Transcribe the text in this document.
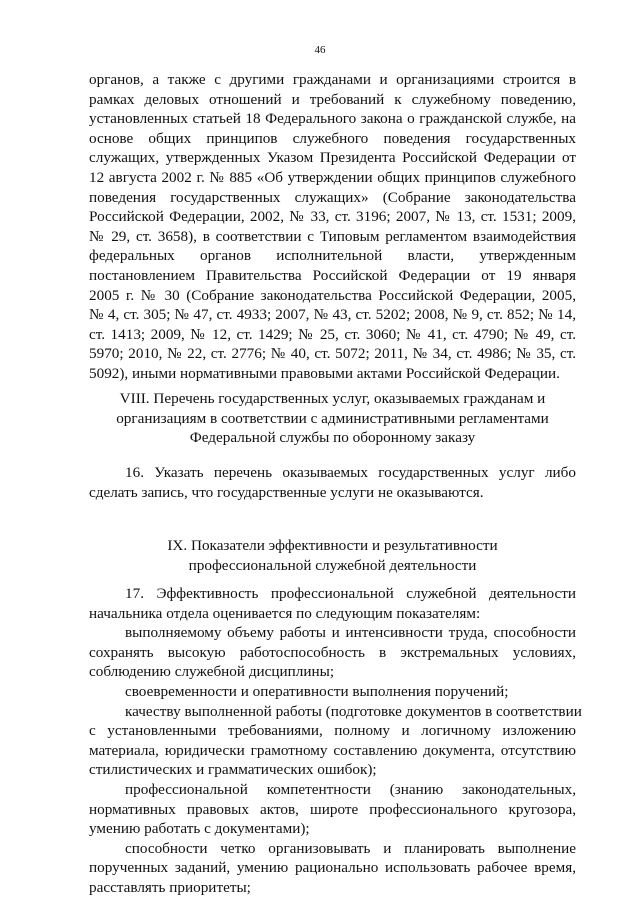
46
органов, а также с другими гражданами и организациями строится в
рамках деловых отношений и требований к служебному поведению,
установленных статьей 18 Федерального закона о гражданской службе, на
основе общих принципов служебного поведения государственных
служащих, утвержденных Указом Президента Российской Федерации от
12 августа 2002 г. № 885 «Об утверждении общих принципов служебного
поведения государственных служащих» (Собрание законодательства
Российской Федерации, 2002, № 33, ст. 3196; 2007, № 13, ст. 1531; 2009,
№ 29, ст. 3658), в соответствии с Типовым регламентом взаимодействия
федеральных органов исполнительной власти, утвержденным
постановлением Правительства Российской Федерации от 19 января
2005 г. № 30 (Собрание законодательства Российской Федерации, 2005,
№ 4, ст. 305; № 47, ст. 4933; 2007, № 43, ст. 5202; 2008, № 9, ст. 852; № 14,
ст. 1413; 2009, № 12, ст. 1429; № 25, ст. 3060; № 41, ст. 4790; № 49, ст.
5970; 2010, № 22, ст. 2776; № 40, ст. 5072; 2011, № 34, ст. 4986; № 35, ст.
5092), иными нормативными правовыми актами Российской Федерации.
VIII. Перечень государственных услуг, оказываемых гражданам и
организациям в соответствии с административными регламентами
Федеральной службы по оборонному заказу
16. Указать перечень оказываемых государственных услуг либо
сделать запись, что государственные услуги не оказываются.
IX. Показатели эффективности и результативности
профессиональной служебной деятельности
17. Эффективность профессиональной служебной деятельности
начальника отдела оценивается по следующим показателям:
выполняемому объему работы и интенсивности труда, способности
сохранять высокую работоспособность в экстремальных условиях,
соблюдению служебной дисциплины;
своевременности и оперативности выполнения поручений;
качеству выполненной работы (подготовке документов в соответствии
с установленными требованиями, полному и логичному изложению
материала, юридически грамотному составлению документа, отсутствию
стилистических и грамматических ошибок);
профессиональной компетентности (знанию законодательных,
нормативных правовых актов, широте профессионального кругозора,
умению работать с документами);
способности четко организовывать и планировать выполнение
порученных заданий, умению рационально использовать рабочее время,
расставлять приоритеты;
